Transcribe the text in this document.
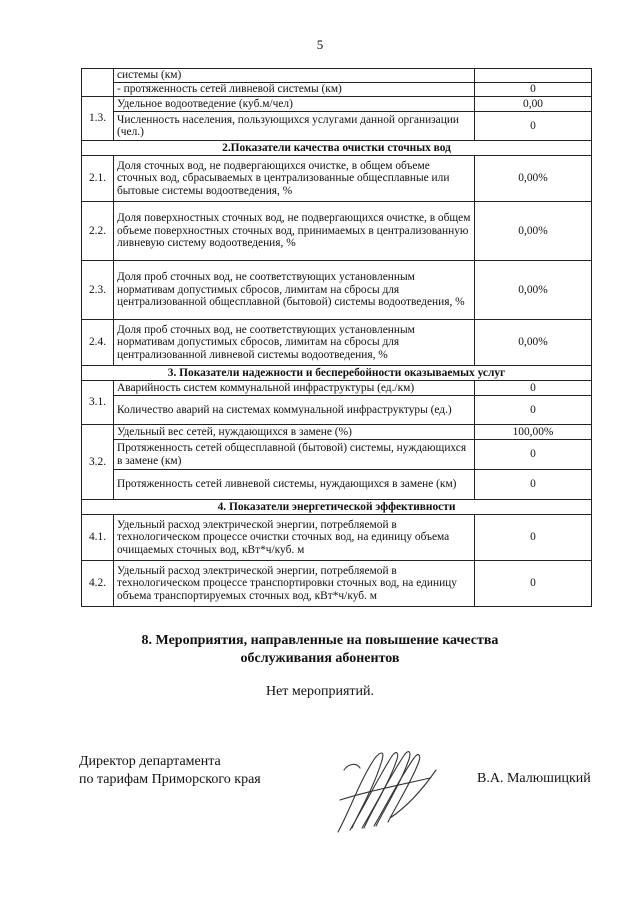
5
	системы (км)	
	- протяженность сетей ливневой системы (км)	0
1.3.	Удельное водоотведение (куб.м/чел)	0,00
	Численность населения, пользующихся услугами данной организации (чел.)	0
2.Показатели качества очистки сточных вод		
2.1.	Доля сточных вод, не подвергающихся очистке, в общем объеме сточных вод, сбрасываемых в централизованные общесплавные или бытовые системы водоотведения, %	0,00%
2.2.	Доля поверхностных сточных вод, не подвергающихся очистке, в общем объеме поверхностных сточных вод, принимаемых в централизованную ливневую систему водоотведения, %	0,00%
2.3.	Доля проб сточных вод, не соответствующих установленным нормативам допустимых сбросов, лимитам на сбросы для централизованной общесплавной (бытовой) системы водоотведения, %	0,00%
2.4.	Доля проб сточных вод, не соответствующих установленным нормативам допустимых сбросов, лимитам на сбросы для централизованной ливневой системы водоотведения, %	0,00%
3. Показатели надежности и бесперебойности оказываемых услуг		
3.1.	Аварийность систем коммунальной инфраструктуры (ед./км)	0
	Количество аварий на системах коммунальной инфраструктуры (ед.)	0
3.2.	Удельный вес сетей, нуждающихся в замене (%)	100,00%
	Протяженность сетей общесплавной (бытовой) системы, нуждающихся в замене (км)	0
	Протяженность сетей ливневой системы, нуждающихся в замене (км)	0
4. Показатели энергетической эффективности		
4.1.	Удельный расход электрической энергии, потребляемой в технологическом процессе очистки сточных вод, на единицу объема очищаемых сточных вод, кВт*ч/куб. м	0
4.2.	Удельный расход электрической энергии, потребляемой в технологическом процессе транспортировки сточных вод, на единицу объема транспортируемых сточных вод, кВт*ч/куб. м	0
8. Мероприятия, направленные на повышение качества
обслуживания абонентов
Нет мероприятий.
Директор департамента
по тарифам Приморского края	В.А. Малюшицкий
